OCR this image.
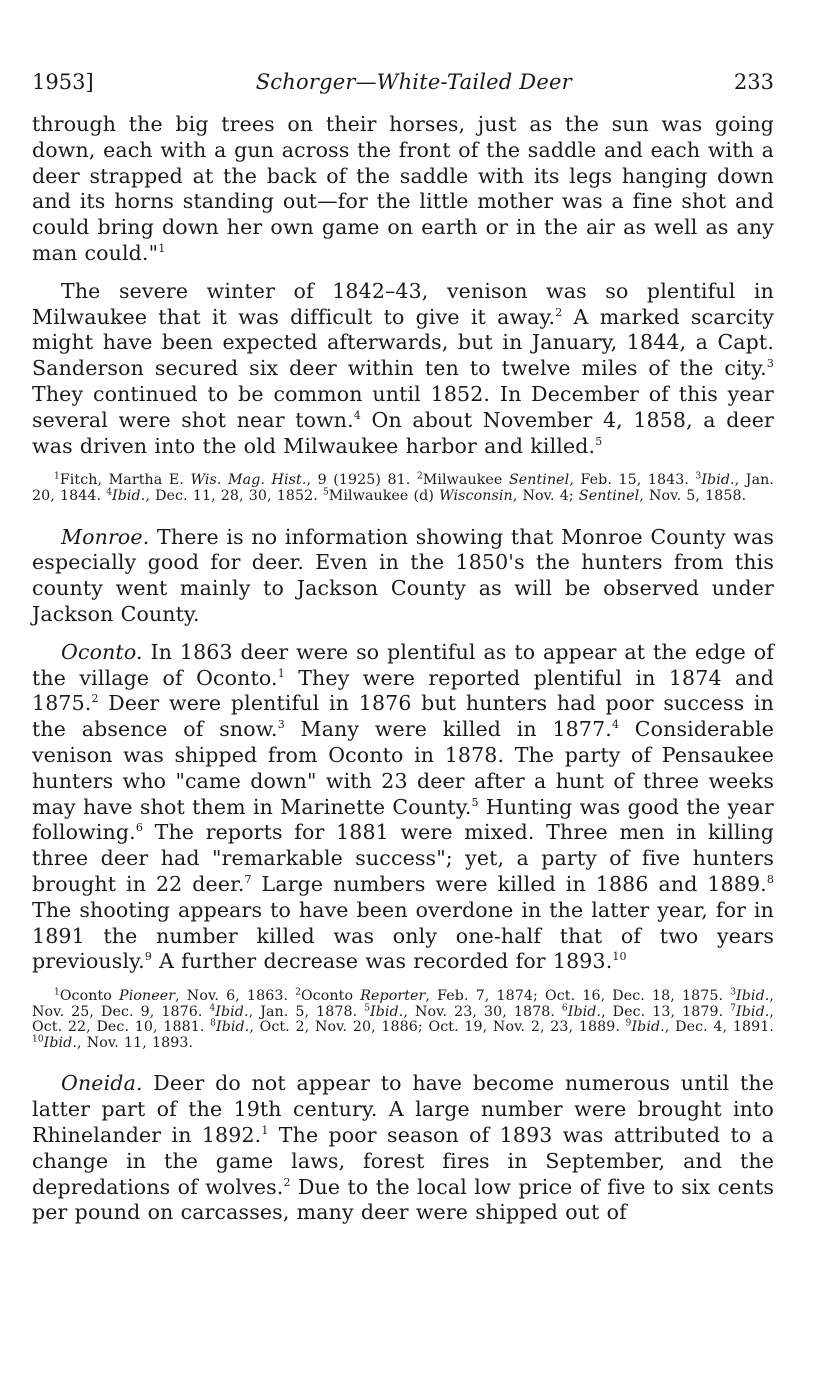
1953]	Schorger—White-Tailed Deer	233

through the big trees on their horses, just as the sun was going down, each with a gun across the front of the saddle and each with a deer strapped at the back of the saddle with its legs hanging down and its horns standing out—for the little mother was a fine shot and could bring down her own game on earth or in the air as well as any man could."$^1$

The severe winter of 1842–43, venison was so plentiful in Milwaukee that it was difficult to give it away.$^2$ A marked scarcity might have been expected afterwards, but in January, 1844, a Capt. Sanderson secured six deer within ten to twelve miles of the city.$^3$ They continued to be common until 1852. In December of this year several were shot near town.$^4$ On about November 4, 1858, a deer was driven into the old Milwaukee harbor and killed.$^5$

$^1$Fitch, Martha E. Wis. Mag. Hist., 9 (1925) 81. $^2$Milwaukee Sentinel, Feb. 15, 1843. $^3$Ibid., Jan. 20, 1844. $^4$Ibid., Dec. 11, 28, 30, 1852. $^5$Milwaukee (d) Wisconsin, Nov. 4; Sentinel, Nov. 5, 1858.

Monroe. There is no information showing that Monroe County was especially good for deer. Even in the 1850's the hunters from this county went mainly to Jackson County as will be observed under Jackson County.

Oconto. In 1863 deer were so plentiful as to appear at the edge of the village of Oconto.$^1$ They were reported plentiful in 1874 and 1875.$^2$ Deer were plentiful in 1876 but hunters had poor success in the absence of snow.$^3$ Many were killed in 1877.$^4$ Considerable venison was shipped from Oconto in 1878. The party of Pensaukee hunters who "came down" with 23 deer after a hunt of three weeks may have shot them in Marinette County.$^5$ Hunting was good the year following.$^6$ The reports for 1881 were mixed. Three men in killing three deer had "remarkable success"; yet, a party of five hunters brought in 22 deer.$^7$ Large numbers were killed in 1886 and 1889.$^8$ The shooting appears to have been overdone in the latter year, for in 1891 the number killed was only one-half that of two years previously.$^9$ A further decrease was recorded for 1893.10

$^1$Oconto Pioneer, Nov. 6, 1863. $^2$Oconto Reporter, Feb. 7, 1874; Oct. 16, Dec. 18, 1875. $^3$Ibid., Nov. 25, Dec. 9, 1876. $^4$Ibid., Jan. 5, 1878. $^5$Ibid., Nov. 23, 30, 1878. $^6$Ibid., Dec. 13, 1879. $^7$Ibid., Oct. 22, Dec. 10, 1881. $^8$Ibid., Oct. 2, Nov. 20, 1886; Oct. 19, Nov. 2, 23, 1889. $^9$Ibid., Dec. 4, 1891. $^{10}$Ibid., Nov. 11, 1893.

Oneida. Deer do not appear to have become numerous until the latter part of the 19th century. A large number were brought into Rhinelander in 1892.$^1$ The poor season of 1893 was attributed to a change in the game laws, forest fires in September, and the depredations of wolves.$^2$ Due to the local low price of five to six cents per pound on carcasses, many deer were shipped out of
